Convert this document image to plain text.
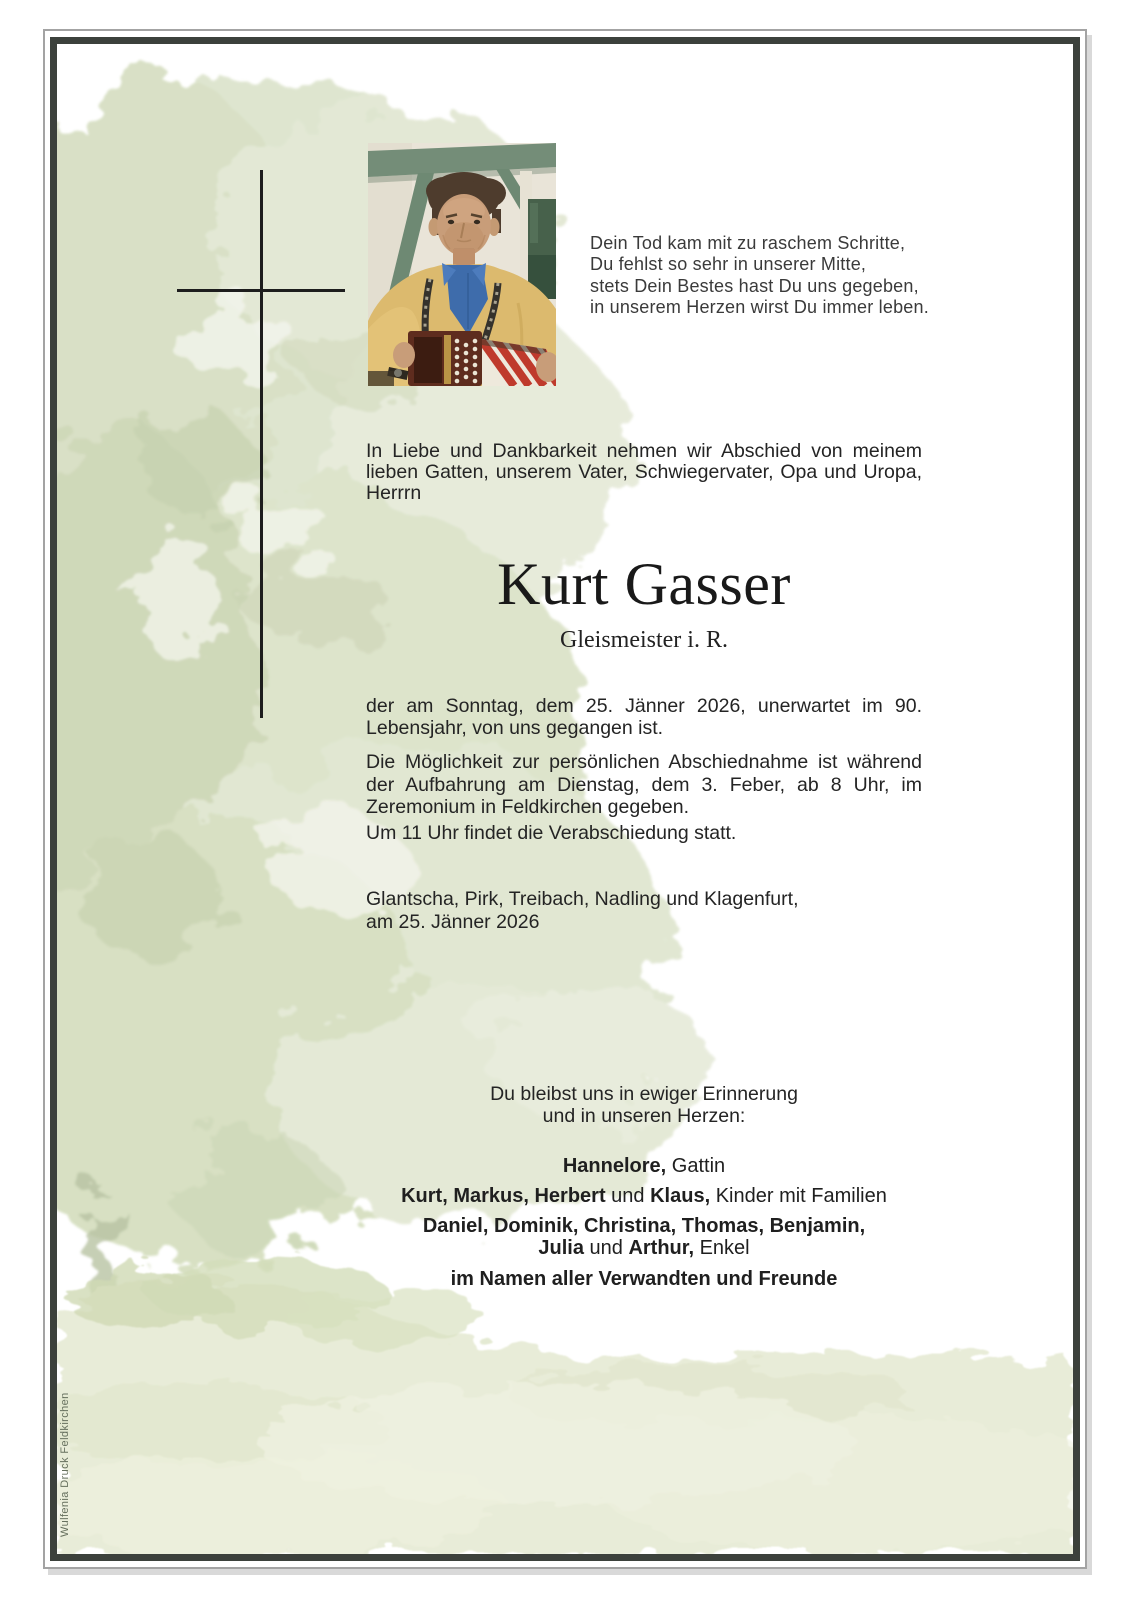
Dein Tod kam mit zu raschem Schritte,
Du fehlst so sehr in unserer Mitte,
stets Dein Bestes hast Du uns gegeben,
in unserem Herzen wirst Du immer leben.
In Liebe und Dankbarkeit nehmen wir Abschied von meinem lieben Gatten, unserem Vater, Schwiegervater, Opa und Uropa, Herrrn
Kurt Gasser
Gleismeister i. R.
der am Sonntag, dem 25. Jänner 2026, unerwartet im 90. Lebensjahr, von uns gegangen ist.
Die Möglichkeit zur persönlichen Abschiednahme ist während der Aufbahrung am Dienstag, dem 3. Feber, ab 8 Uhr, im Zeremonium in Feldkirchen gegeben.
Um 11 Uhr findet die Verabschiedung statt.
Glantscha, Pirk, Treibach, Nadling und Klagenfurt,
am 25. Jänner 2026
Du bleibst uns in ewiger Erinnerung
und in unseren Herzen:
Hannelore, Gattin
Kurt, Markus, Herbert und Klaus, Kinder mit Familien
Daniel, Dominik, Christina, Thomas, Benjamin,
Julia und Arthur, Enkel
im Namen aller Verwandten und Freunde
Wulfenia Druck Feldkirchen
